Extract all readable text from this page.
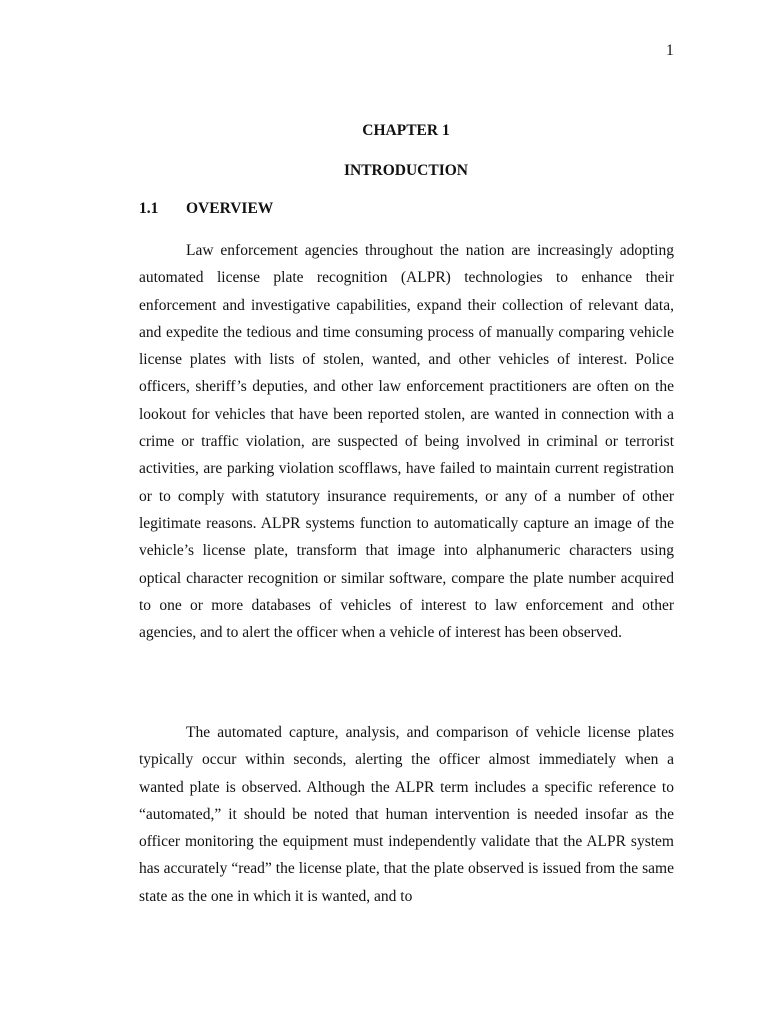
1
CHAPTER 1
INTRODUCTION
1.1 OVERVIEW

Law enforcement agencies throughout the nation are increasingly adopting automated license plate recognition (ALPR) technologies to enhance their enforcement and investigative capabilities, expand their collection of relevant data, and expedite the tedious and time consuming process of manually comparing vehicle license plates with lists of stolen, wanted, and other vehicles of interest. Police officers, sheriff’s deputies, and other law enforcement practitioners are often on the lookout for vehicles that have been reported stolen, are wanted in connection with a crime or traffic violation, are suspected of being involved in criminal or terrorist activities, are parking violation scofflaws, have failed to maintain current registration or to comply with statutory insurance requirements, or any of a number of other legitimate reasons. ALPR systems function to automatically capture an image of the vehicle’s license plate, transform that image into alphanumeric characters using optical character recognition or similar software, compare the plate number acquired to one or more databases of vehicles of interest to law enforcement and other agencies, and to alert the officer when a vehicle of interest has been observed.

The automated capture, analysis, and comparison of vehicle license plates typically occur within seconds, alerting the officer almost immediately when a wanted plate is observed. Although the ALPR term includes a specific reference to “automated,” it should be noted that human intervention is needed insofar as the officer monitoring the equipment must independently validate that the ALPR system has accurately “read” the license plate, that the plate observed is issued from the same state as the one in which it is wanted, and to
